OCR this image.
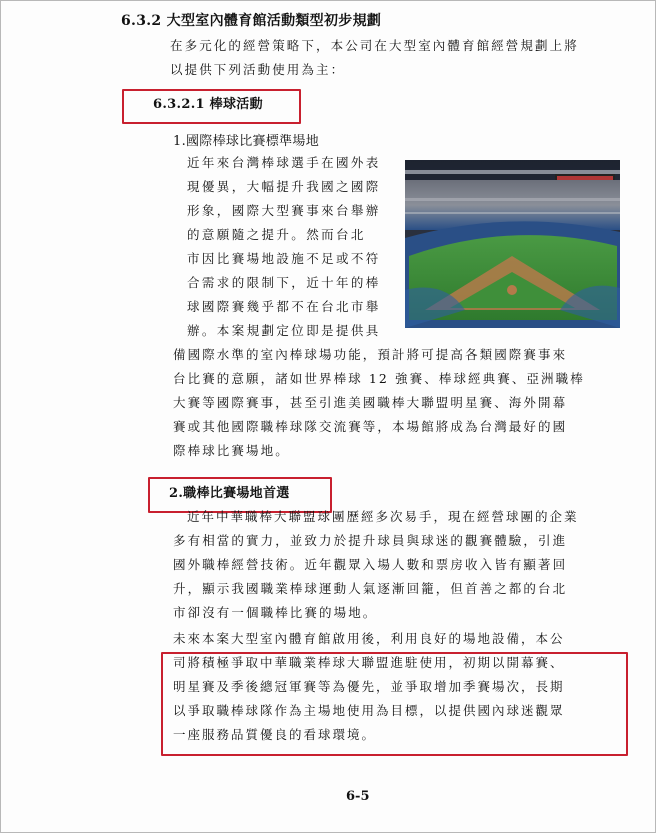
6.3.2 大型室內體育館活動類型初步規劃
在多元化的經營策略下，本公司在大型室內體育館經營規劃上將
以提供下列活動使用為主：
6.3.2.1 棒球活動
1.國際棒球比賽標準場地
近年來台灣棒球選手在國外表
現優異，大幅提升我國之國際
形象，國際大型賽事來台舉辦
的意願隨之提升。然而台北
市因比賽場地設施不足或不符
合需求的限制下，近十年的棒
球國際賽幾乎都不在台北市舉
辦。本案規劃定位即是提供具
備國際水準的室內棒球場功能，預計將可提高各類國際賽事來
台比賽的意願，諸如世界棒球 12 強賽、棒球經典賽、亞洲職棒
大賽等國際賽事，甚至引進美國職棒大聯盟明星賽、海外開幕
賽或其他國際職棒球隊交流賽等，本場館將成為台灣最好的國
際棒球比賽場地。
2.職棒比賽場地首選
近年中華職棒大聯盟球團歷經多次易手，現在經營球團的企業
多有相當的實力，並致力於提升球員與球迷的觀賽體驗，引進
國外職棒經營技術。近年觀眾入場人數和票房收入皆有顯著回
升，顯示我國職業棒球運動人氣逐漸回籠，但首善之都的台北
市卻沒有一個職棒比賽的場地。
未來本案大型室內體育館啟用後，利用良好的場地設備，本公
司將積極爭取中華職業棒球大聯盟進駐使用，初期以開幕賽、
明星賽及季後總冠軍賽等為優先，並爭取增加季賽場次，長期
以爭取職棒球隊作為主場地使用為目標，以提供國內球迷觀眾
一座服務品質優良的看球環境。
6-5
